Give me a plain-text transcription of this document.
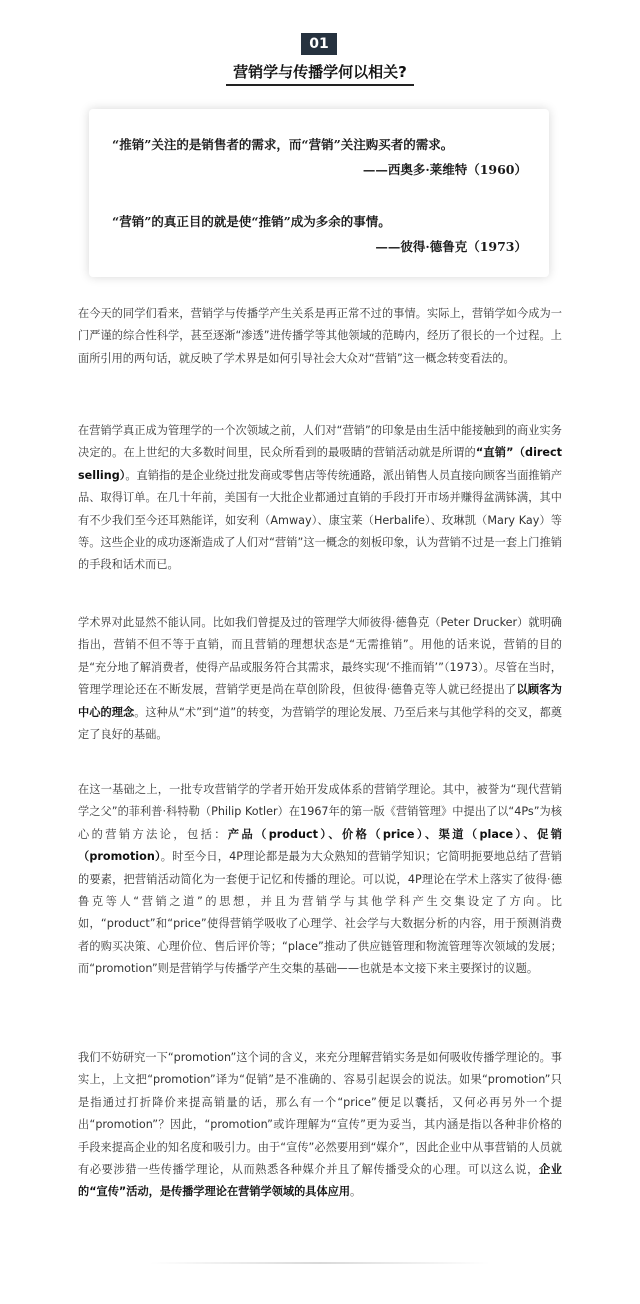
01
营销学与传播学何以相关?
“推销”关注的是销售者的需求，而“营销”关注购买者的需求。
——西奥多·莱维特（1960）
“营销”的真正目的就是使“推销”成为多余的事情。
——彼得·德鲁克（1973）

在今天的同学们看来，营销学与传播学产生关系是再正常不过的事情。实际上，营销学如今成为一门严谨的综合性科学，甚至逐渐“渗透”进传播学等其他领域的范畴内，经历了很长的一个过程。上面所引用的两句话，就反映了学术界是如何引导社会大众对“营销”这一概念转变看法的。

在营销学真正成为管理学的一个次领域之前，人们对“营销”的印象是由生活中能接触到的商业实务决定的。在上世纪的大多数时间里，民众所看到的最吸睛的营销活动就是所谓的“直销”（direct selling）。直销指的是企业绕过批发商或零售店等传统通路，派出销售人员直接向顾客当面推销产品、取得订单。在几十年前，美国有一大批企业都通过直销的手段打开市场并赚得盆满钵满，其中有不少我们至今还耳熟能详，如安利（Amway）、康宝莱（Herbalife）、玫琳凯（Mary Kay）等等。这些企业的成功逐渐造成了人们对“营销”这一概念的刻板印象，认为营销不过是一套上门推销的手段和话术而已。

学术界对此显然不能认同。比如我们曾提及过的管理学大师彼得·德鲁克（Peter Drucker）就明确指出，营销不但不等于直销，而且营销的理想状态是“无需推销”。用他的话来说，营销的目的是“充分地了解消费者，使得产品或服务符合其需求，最终实现‘不推而销’”（1973）。尽管在当时，管理学理论还在不断发展，营销学更是尚在草创阶段，但彼得·德鲁克等人就已经提出了以顾客为中心的理念。这种从“术”到“道”的转变，为营销学的理论发展、乃至后来与其他学科的交叉，都奠定了良好的基础。

在这一基础之上，一批专攻营销学的学者开始开发成体系的营销学理论。其中，被誉为“现代营销学之父”的菲利普·科特勒（Philip Kotler）在1967年的第一版《营销管理》中提出了以“4Ps”为核心的营销方法论，包括：产品（product）、价格（price）、渠道（place）、促销（promotion）。时至今日，4P理论都是最为大众熟知的营销学知识；它简明扼要地总结了营销的要素，把营销活动简化为一套便于记忆和传播的理论。可以说，4P理论在学术上落实了彼得·德鲁克等人“营销之道”的思想，并且为营销学与其他学科产生交集设定了方向。比如，“product”和“price”使得营销学吸收了心理学、社会学与大数据分析的内容，用于预测消费者的购买决策、心理价位、售后评价等；“place”推动了供应链管理和物流管理等次领域的发展；而“promotion”则是营销学与传播学产生交集的基础——也就是本文接下来主要探讨的议题。

我们不妨研究一下“promotion”这个词的含义，来充分理解营销实务是如何吸收传播学理论的。事实上，上文把“promotion”译为“促销”是不准确的、容易引起误会的说法。如果“promotion”只是指通过打折降价来提高销量的话，那么有一个“price”便足以囊括，又何必再另外一个提出“promotion”？因此，“promotion”或许理解为“宣传”更为妥当，其内涵是指以各种非价格的手段来提高企业的知名度和吸引力。由于“宣传”必然要用到“媒介”，因此企业中从事营销的人员就有必要涉猎一些传播学理论，从而熟悉各种媒介并且了解传播受众的心理。可以这么说，企业的“宣传”活动，是传播学理论在营销学领域的具体应用。
